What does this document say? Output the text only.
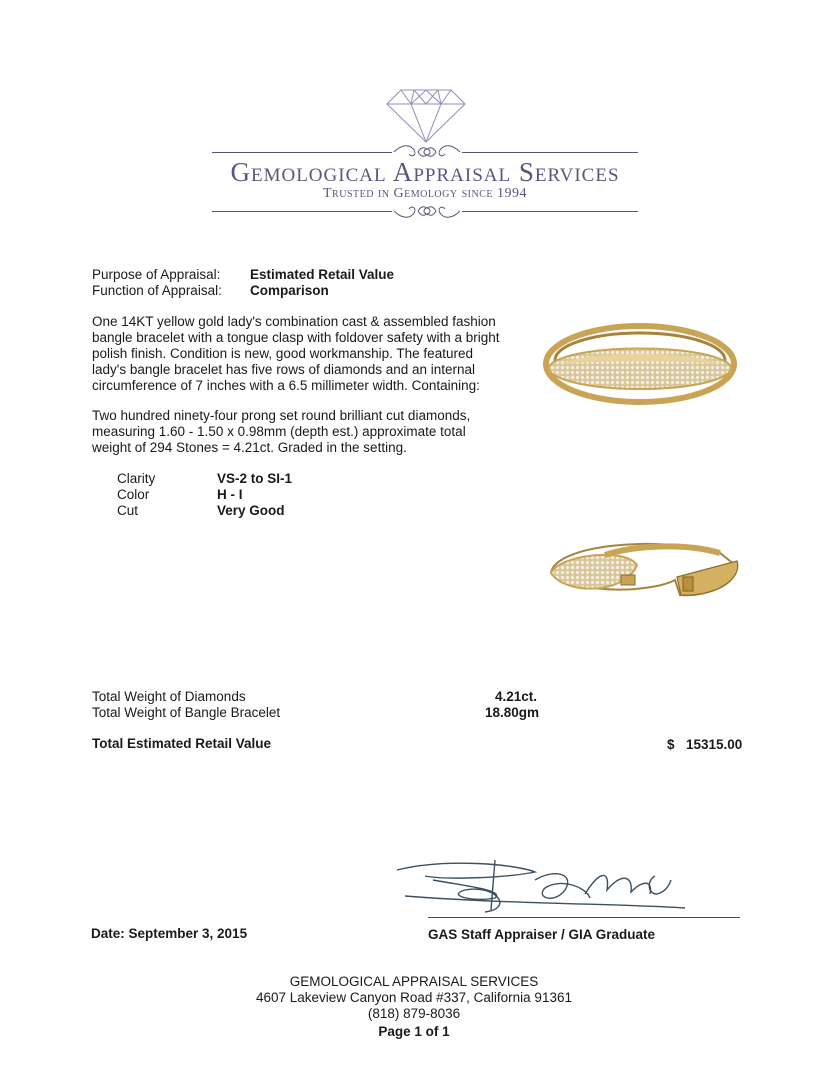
Gemological Appraisal Services
Trusted in Gemology since 1994
Purpose of Appraisal: Estimated Retail Value
Function of Appraisal: Comparison
One 14KT yellow gold lady's combination cast & assembled fashion
bangle bracelet with a tongue clasp with foldover safety with a bright
polish finish. Condition is new, good workmanship. The featured
lady's bangle bracelet has five rows of diamonds and an internal
circumference of 7 inches with a 6.5 millimeter width. Containing:
Two hundred ninety-four prong set round brilliant cut diamonds,
measuring 1.60 - 1.50 x 0.98mm (depth est.) approximate total
weight of 294 Stones = 4.21ct. Graded in the setting.
Clarity	VS-2 to SI-1
Color	H - I
Cut	Very Good
Total Weight of Diamonds	4.21ct.
Total Weight of Bangle Bracelet	18.80gm
Total Estimated Retail Value	$ 15315.00
Date: September 3, 2015	GAS Staff Appraiser / GIA Graduate
GEMOLOGICAL APPRAISAL SERVICES
4607 Lakeview Canyon Road #337, California 91361
(818) 879-8036
Page 1 of 1
